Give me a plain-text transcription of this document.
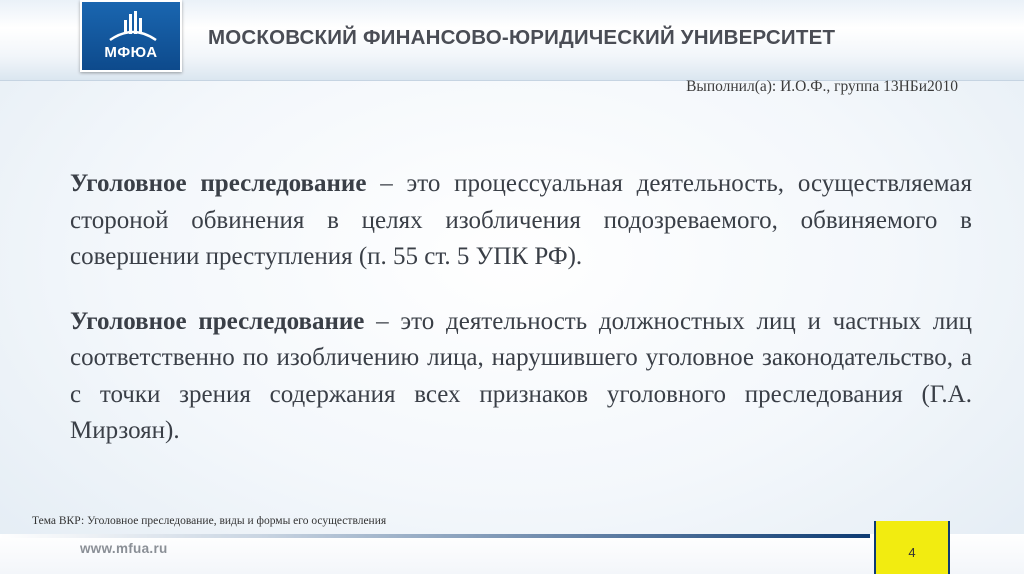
МФЮА
МОСКОВСКИЙ ФИНАНСОВО-ЮРИДИЧЕСКИЙ УНИВЕРСИТЕТ
Выполнил(а): И.О.Ф., группа 13НБи2010

Уголовное преследование – это процессуальная деятельность, осуществляемая стороной обвинения в целях изобличения подозреваемого, обвиняемого в совершении преступления (п. 55 ст. 5 УПК РФ).

Уголовное преследование – это деятельность должностных лиц и частных лиц соответственно по изобличению лица, нарушившего уголовное законодательство, а с точки зрения содержания всех признаков уголовного преследования (Г.А. Мирзоян).

Тема ВКР: Уголовное преследование, виды и формы его осуществления
www.mfua.ru	4
